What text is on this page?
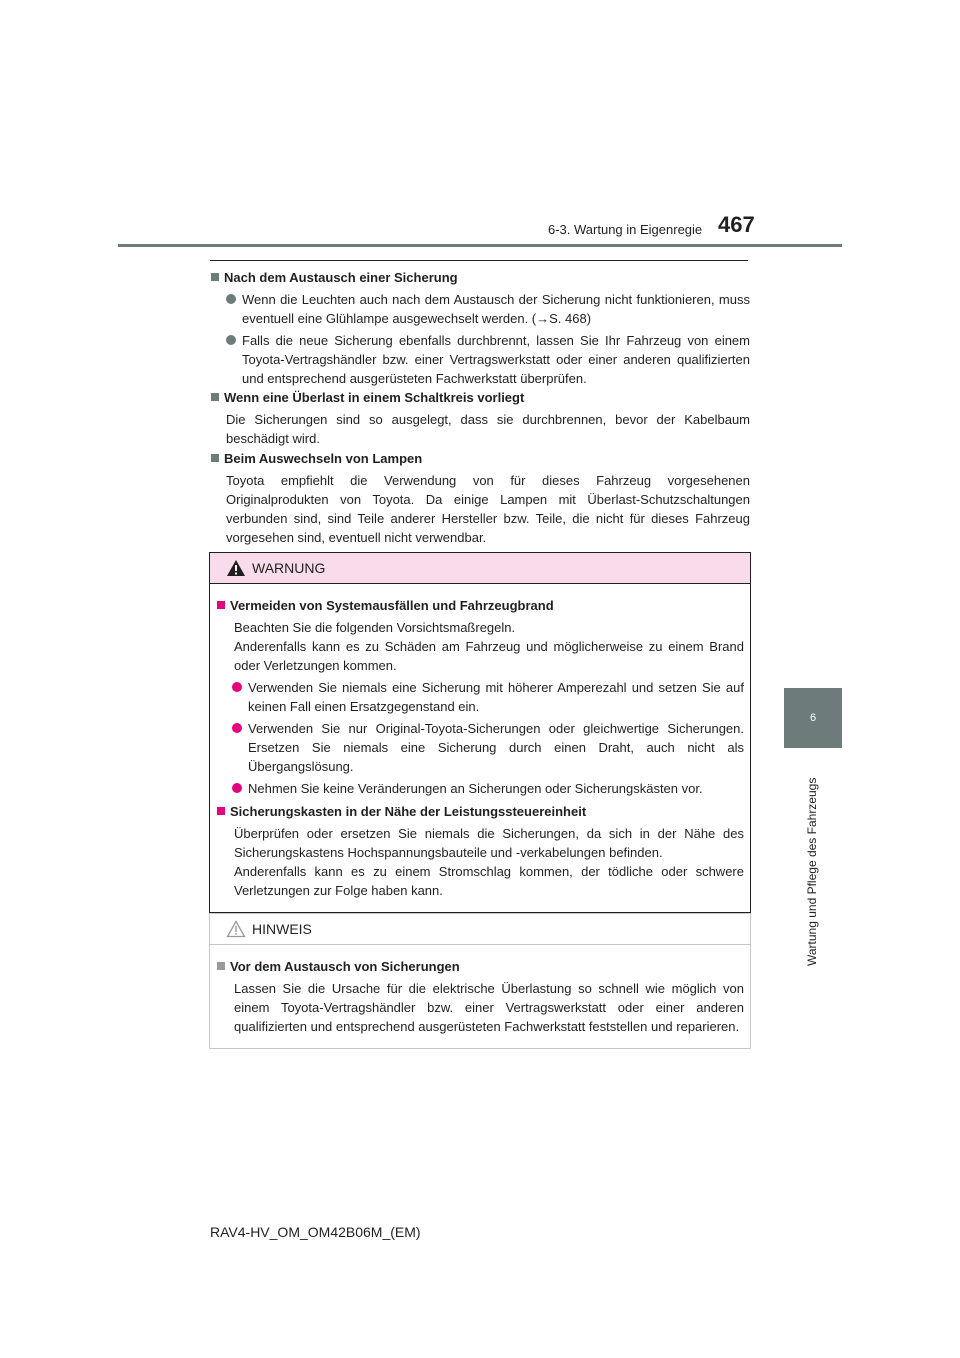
6-3. Wartung in Eigenregie 467
6
Wartung und Pflege des Fahrzeugs
Nach dem Austausch einer Sicherung
Wenn die Leuchten auch nach dem Austausch der Sicherung nicht funktionieren, muss eventuell eine Glühlampe ausgewechselt werden. (→S. 468)
Falls die neue Sicherung ebenfalls durchbrennt, lassen Sie Ihr Fahrzeug von einem Toyota-Vertragshändler bzw. einer Vertragswerkstatt oder einer anderen qualifizierten und entsprechend ausgerüsteten Fachwerkstatt überprüfen.
Wenn eine Überlast in einem Schaltkreis vorliegt
Die Sicherungen sind so ausgelegt, dass sie durchbrennen, bevor der Kabelbaum beschädigt wird.
Beim Auswechseln von Lampen
Toyota empfiehlt die Verwendung von für dieses Fahrzeug vorgesehenen Originalprodukten von Toyota. Da einige Lampen mit Überlast-Schutzschaltungen verbunden sind, sind Teile anderer Hersteller bzw. Teile, die nicht für dieses Fahrzeug vorgesehen sind, eventuell nicht verwendbar.
WARNUNG
Vermeiden von Systemausfällen und Fahrzeugbrand
Beachten Sie die folgenden Vorsichtsmaßregeln.
Anderenfalls kann es zu Schäden am Fahrzeug und möglicherweise zu einem Brand oder Verletzungen kommen.
Verwenden Sie niemals eine Sicherung mit höherer Amperezahl und setzen Sie auf keinen Fall einen Ersatzgegenstand ein.
Verwenden Sie nur Original-Toyota-Sicherungen oder gleichwertige Sicherungen. Ersetzen Sie niemals eine Sicherung durch einen Draht, auch nicht als Übergangslösung.
Nehmen Sie keine Veränderungen an Sicherungen oder Sicherungskästen vor.
Sicherungskasten in der Nähe der Leistungssteuereinheit
Überprüfen oder ersetzen Sie niemals die Sicherungen, da sich in der Nähe des Sicherungskastens Hochspannungsbauteile und -verkabelungen befinden.
Anderenfalls kann es zu einem Stromschlag kommen, der tödliche oder schwere Verletzungen zur Folge haben kann.
HINWEIS
Vor dem Austausch von Sicherungen
Lassen Sie die Ursache für die elektrische Überlastung so schnell wie möglich von einem Toyota-Vertragshändler bzw. einer Vertragswerkstatt oder einer anderen qualifizierten und entsprechend ausgerüsteten Fachwerkstatt feststellen und reparieren.
RAV4-HV_OM_OM42B06M_(EM)
